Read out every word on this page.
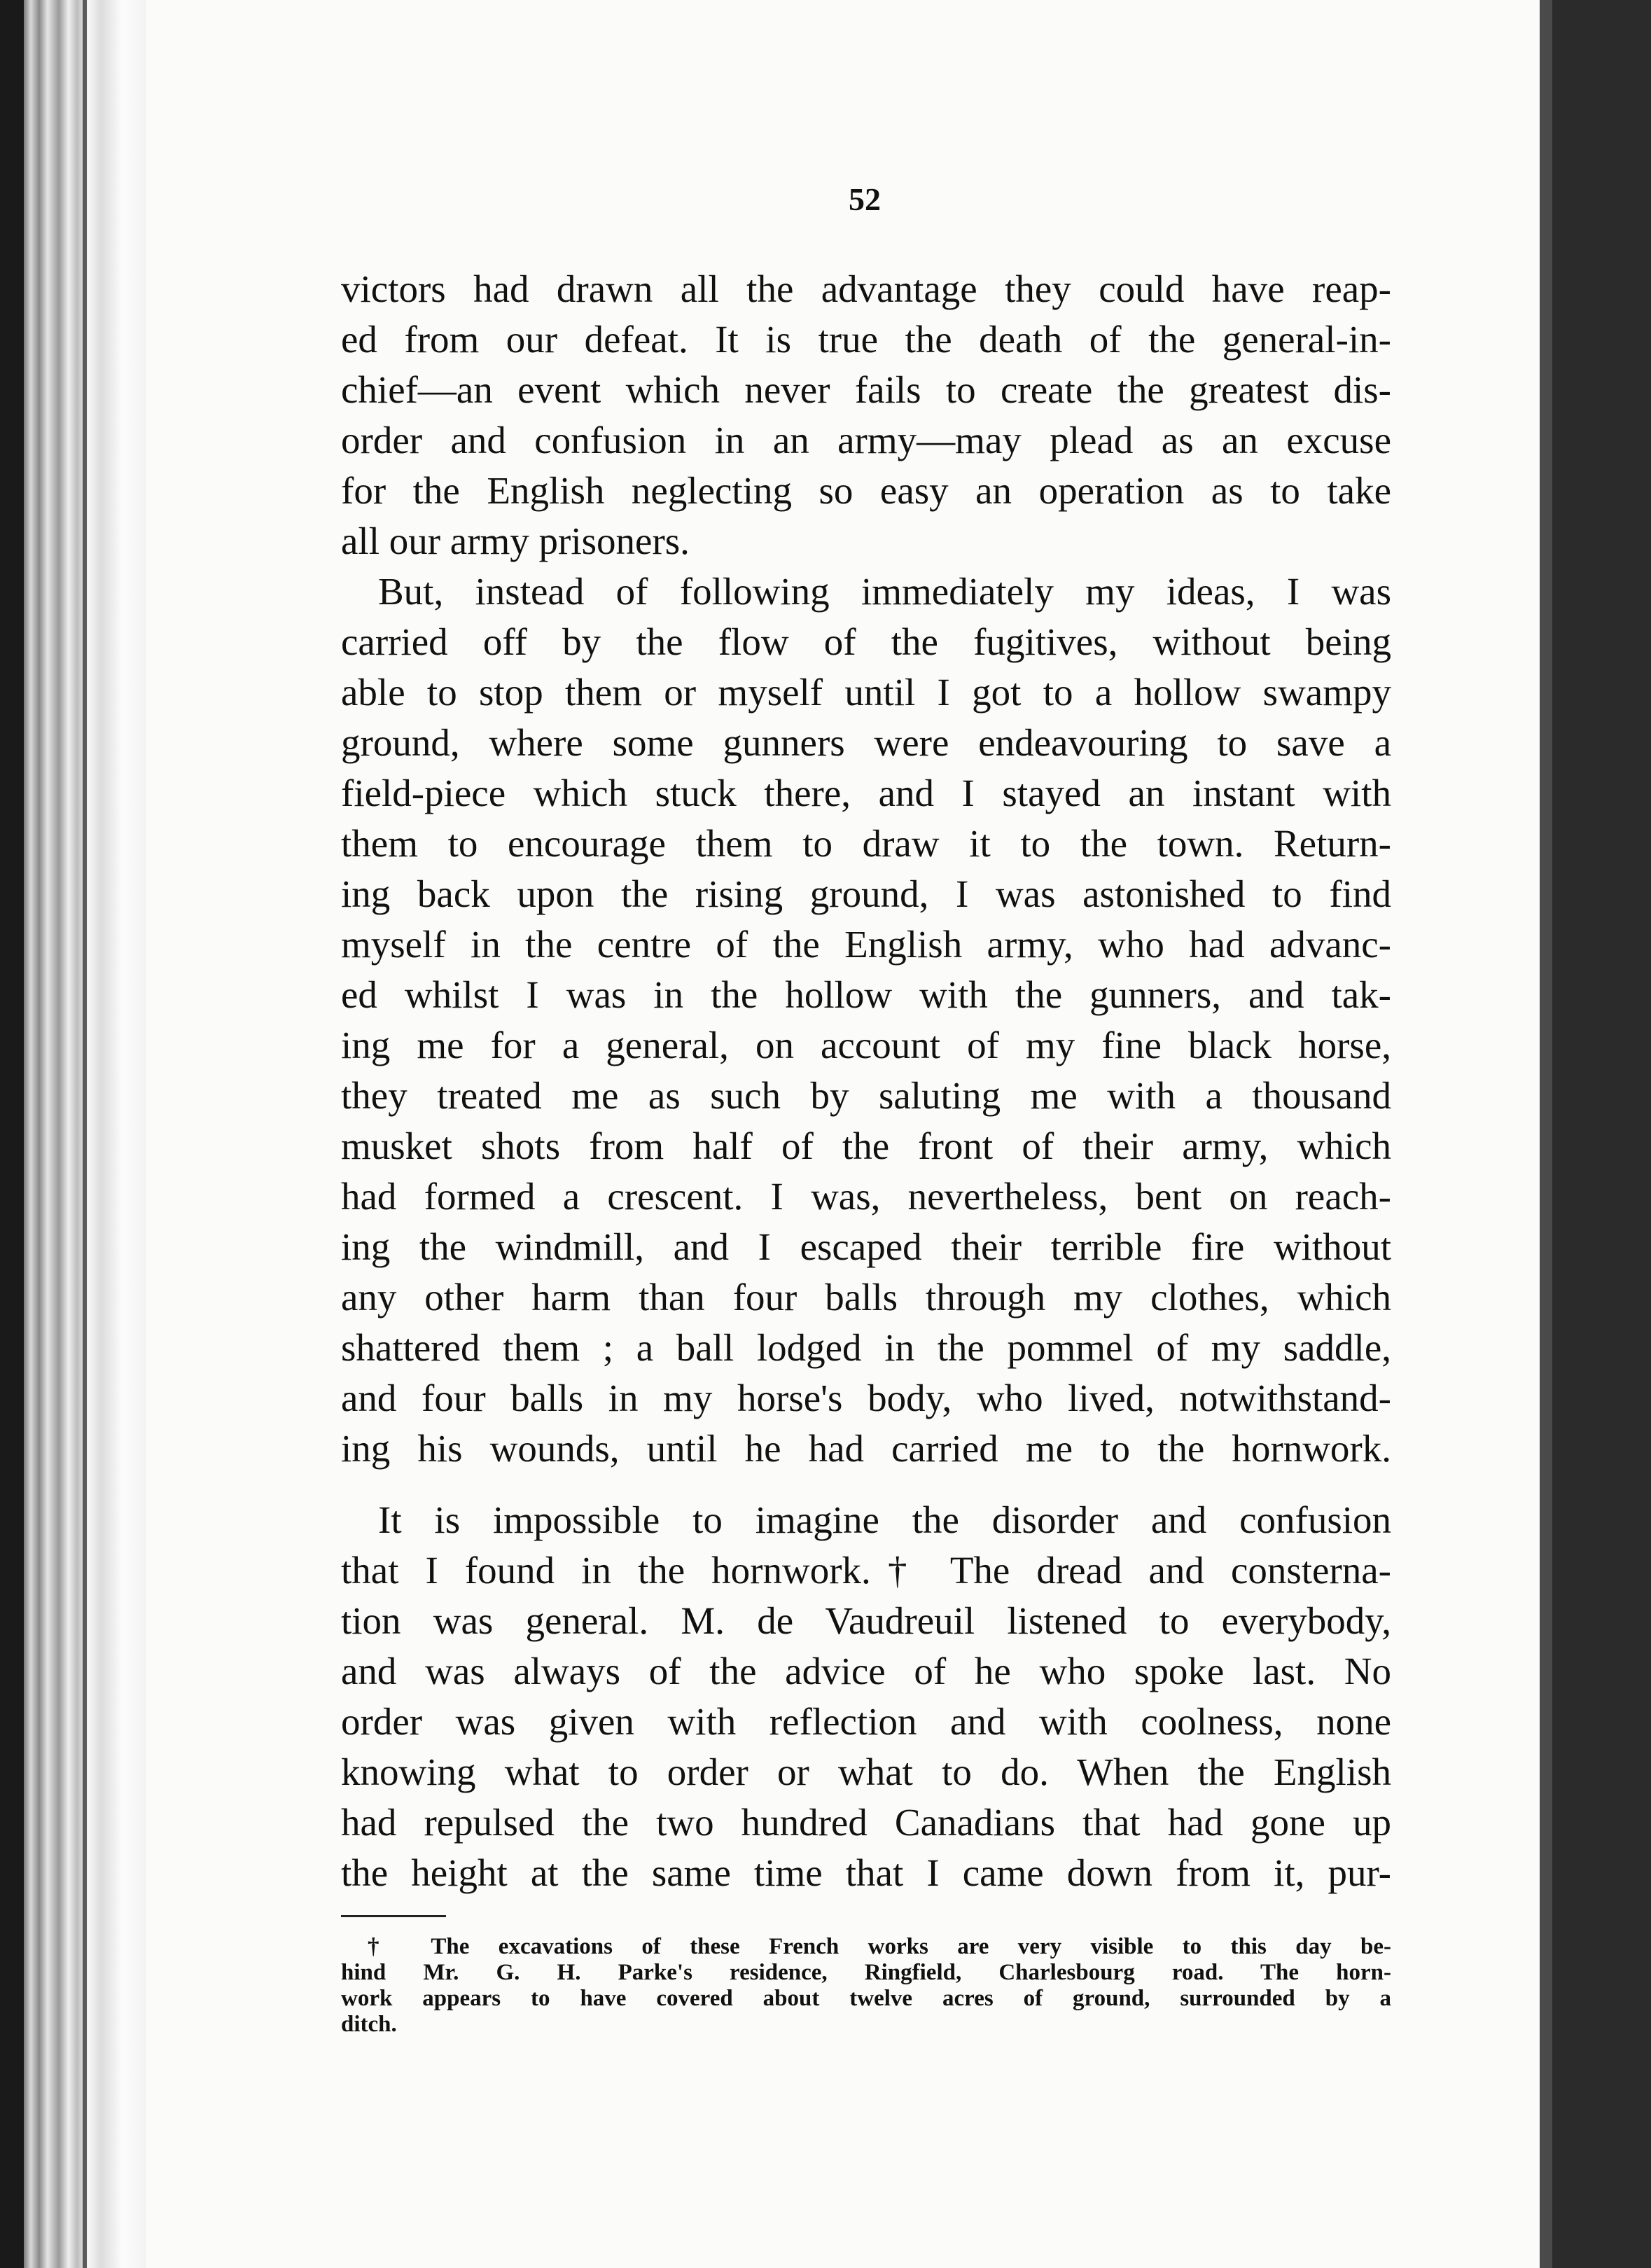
52
victors had drawn all the advantage they could have reap-
ed from our defeat. It is true the death of the general-in-
chief—an event which never fails to create the greatest dis-
order and confusion in an army—may plead as an excuse
for the English neglecting so easy an operation as to take
all our army prisoners.
But, instead of following immediately my ideas, I was
carried off by the flow of the fugitives, without being
able to stop them or myself until I got to a hollow swampy
ground, where some gunners were endeavouring to save a
field-piece which stuck there, and I stayed an instant with
them to encourage them to draw it to the town. Return-
ing back upon the rising ground, I was astonished to find
myself in the centre of the English army, who had advanc-
ed whilst I was in the hollow with the gunners, and tak-
ing me for a general, on account of my fine black horse,
they treated me as such by saluting me with a thousand
musket shots from half of the front of their army, which
had formed a crescent. I was, nevertheless, bent on reach-
ing the windmill, and I escaped their terrible fire without
any other harm than four balls through my clothes, which
shattered them ; a ball lodged in the pommel of my saddle,
and four balls in my horse's body, who lived, notwithstand-
ing his wounds, until he had carried me to the hornwork.
It is impossible to imagine the disorder and confusion
that I found in the hornwork.† The dread and consterna-
tion was general. M. de Vaudreuil listened to everybody,
and was always of the advice of he who spoke last. No
order was given with reflection and with coolness, none
knowing what to order or what to do. When the English
had repulsed the two hundred Canadians that had gone up
the height at the same time that I came down from it, pur-
† The excavations of these French works are very visible to this day be-
hind Mr. G. H. Parke's residence, Ringfield, Charlesbourg road. The horn-
work appears to have covered about twelve acres of ground, surrounded by a
ditch.
